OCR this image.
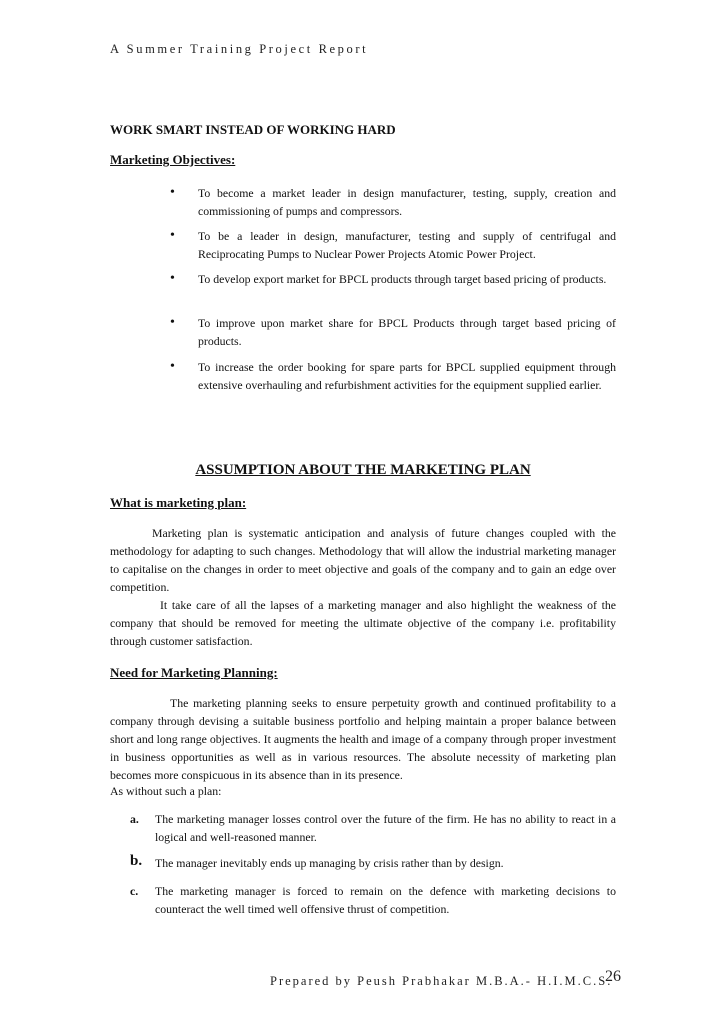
A Summer Training Project Report
WORK SMART INSTEAD OF WORKING HARD
Marketing Objectives:
•	To become a market leader in design manufacturer, testing, supply, creation and commissioning of pumps and compressors.
•	To be a leader in design, manufacturer, testing and supply of centrifugal and Reciprocating Pumps to Nuclear Power Projects Atomic Power Project.
•	To develop export market for BPCL products through target based pricing of products.
•	To improve upon market share for BPCL Products through target based pricing of products.
•	To increase the order booking for spare parts for BPCL supplied equipment through extensive overhauling and refurbishment activities for the equipment supplied earlier.
ASSUMPTION ABOUT THE MARKETING PLAN
What is marketing plan:
Marketing plan is systematic anticipation and analysis of future changes coupled with the methodology for adapting to such changes. Methodology that will allow the industrial marketing manager to capitalise on the changes in order to meet objective and goals of the company and to gain an edge over competition.
It take care of all the lapses of a marketing manager and also highlight the weakness of the company that should be removed for meeting the ultimate objective of the company i.e. profitability through customer satisfaction.
Need for Marketing Planning:
The marketing planning seeks to ensure perpetuity growth and continued profitability to a company through devising a suitable business portfolio and helping maintain a proper balance between short and long range objectives. It augments the health and image of a company through proper investment in business opportunities as well as in various resources. The absolute necessity of marketing plan becomes more conspicuous in its absence than in its presence.
As without such a plan:
a. The marketing manager losses control over the future of the firm. He has no ability to react in a logical and well-reasoned manner.
b. The manager inevitably ends up managing by crisis rather than by design.
c. The marketing manager is forced to remain on the defence with marketing decisions to counteract the well timed well offensive thrust of competition.
Prepared by Peush Prabhakar M.B.A.- H.I.M.C.S.
26
